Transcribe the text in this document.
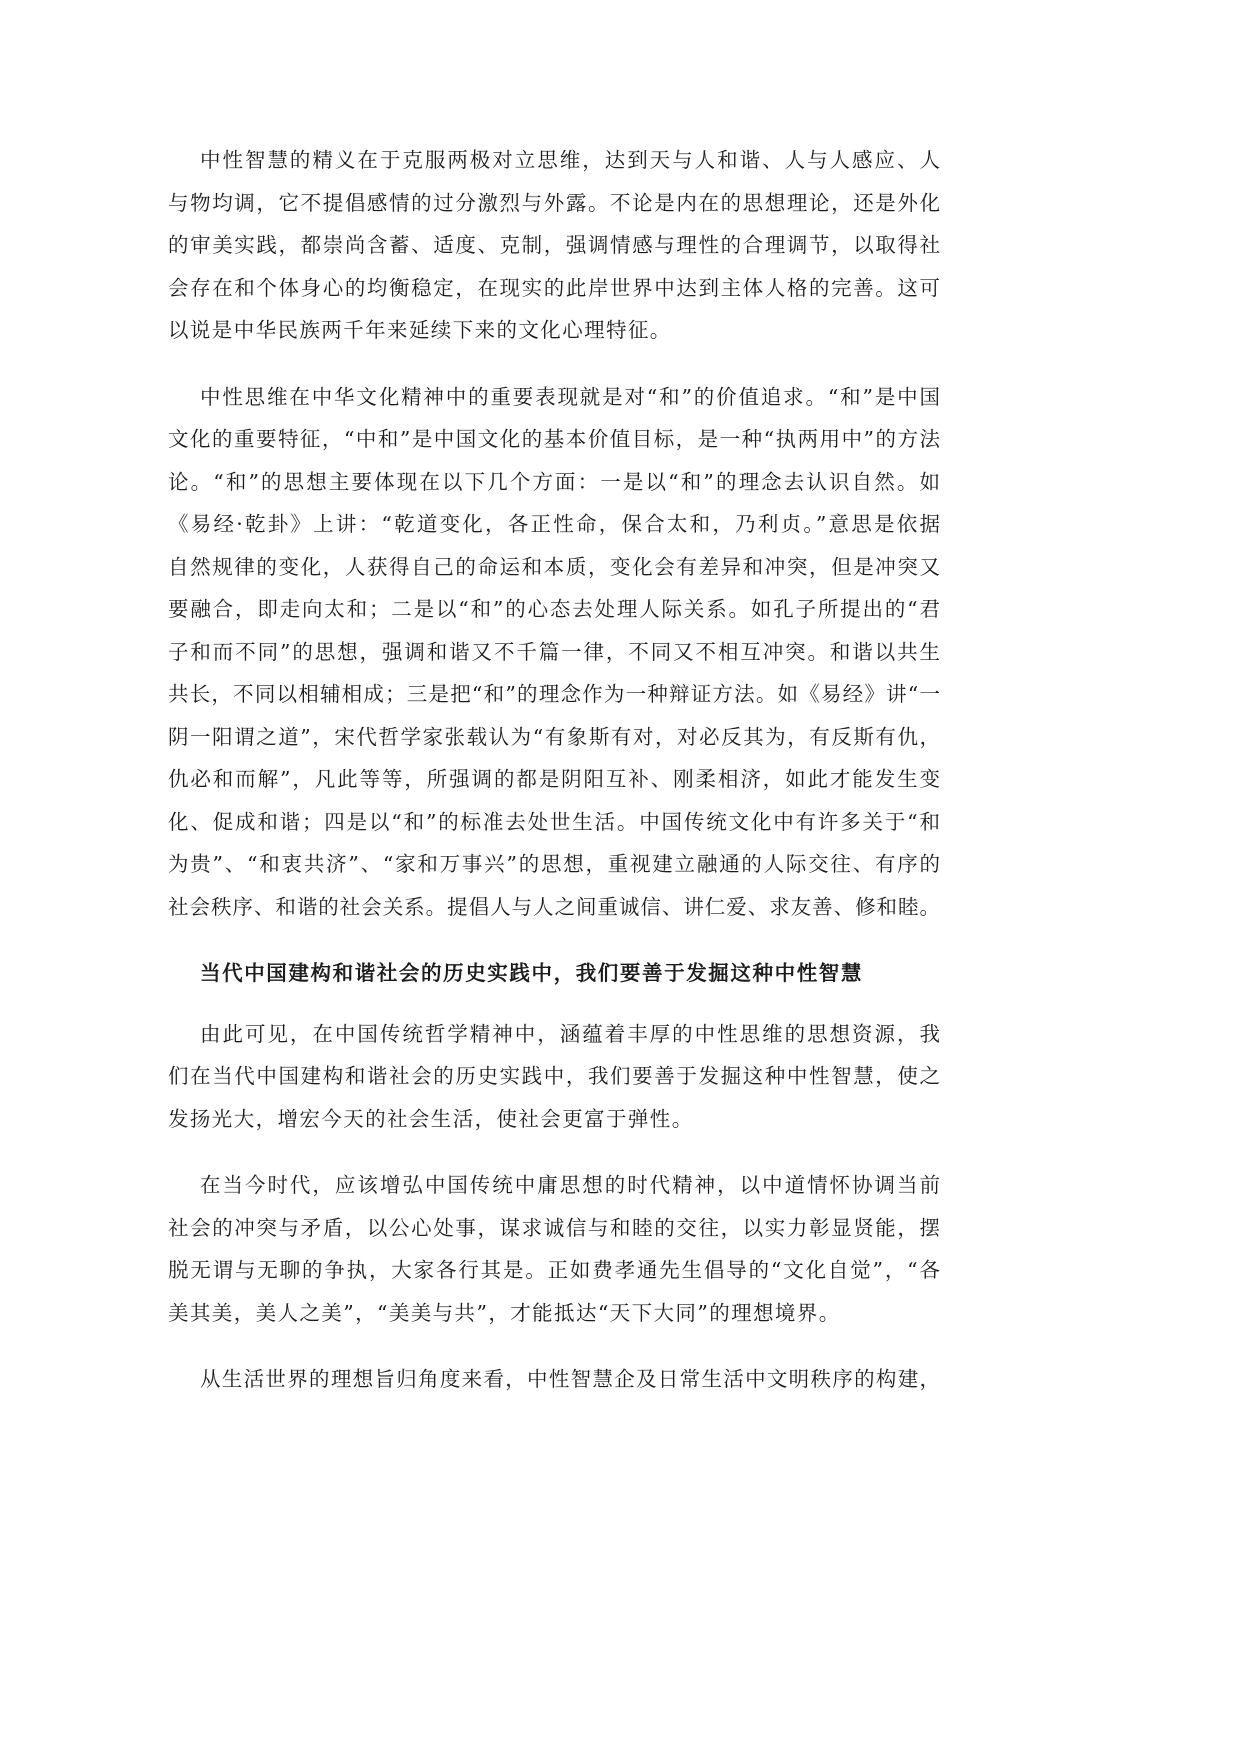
中性智慧的精义在于克服两极对立思维，达到天与人和谐、人与人感应、人
与物均调，它不提倡感情的过分激烈与外露。不论是内在的思想理论，还是外化
的审美实践，都崇尚含蓄、适度、克制，强调情感与理性的合理调节，以取得社
会存在和个体身心的均衡稳定，在现实的此岸世界中达到主体人格的完善。这可
以说是中华民族两千年来延续下来的文化心理特征。
中性思维在中华文化精神中的重要表现就是对“和”的价值追求。“和”是中国
文化的重要特征，“中和”是中国文化的基本价值目标，是一种“执两用中”的方法
论。“和”的思想主要体现在以下几个方面：一是以“和”的理念去认识自然。如
《易经·乾卦》上讲：“乾道变化，各正性命，保合太和，乃利贞。”意思是依据
自然规律的变化，人获得自己的命运和本质，变化会有差异和冲突，但是冲突又
要融合，即走向太和；二是以“和”的心态去处理人际关系。如孔子所提出的“君
子和而不同”的思想，强调和谐又不千篇一律，不同又不相互冲突。和谐以共生
共长，不同以相辅相成；三是把“和”的理念作为一种辩证方法。如《易经》讲“一
阴一阳谓之道”，宋代哲学家张载认为“有象斯有对，对必反其为，有反斯有仇，
仇必和而解”，凡此等等，所强调的都是阴阳互补、刚柔相济，如此才能发生变
化、促成和谐；四是以“和”的标准去处世生活。中国传统文化中有许多关于“和
为贵”、“和衷共济”、“家和万事兴”的思想，重视建立融通的人际交往、有序的
社会秩序、和谐的社会关系。提倡人与人之间重诚信、讲仁爱、求友善、修和睦。
当代中国建构和谐社会的历史实践中，我们要善于发掘这种中性智慧
由此可见，在中国传统哲学精神中，涵蕴着丰厚的中性思维的思想资源，我
们在当代中国建构和谐社会的历史实践中，我们要善于发掘这种中性智慧，使之
发扬光大，增宏今天的社会生活，使社会更富于弹性。
在当今时代，应该增弘中国传统中庸思想的时代精神，以中道情怀协调当前
社会的冲突与矛盾，以公心处事，谋求诚信与和睦的交往，以实力彰显贤能，摆
脱无谓与无聊的争执，大家各行其是。正如费孝通先生倡导的“文化自觉”，“各
美其美，美人之美”，“美美与共”，才能抵达“天下大同”的理想境界。
从生活世界的理想旨归角度来看，中性智慧企及日常生活中文明秩序的构建，
